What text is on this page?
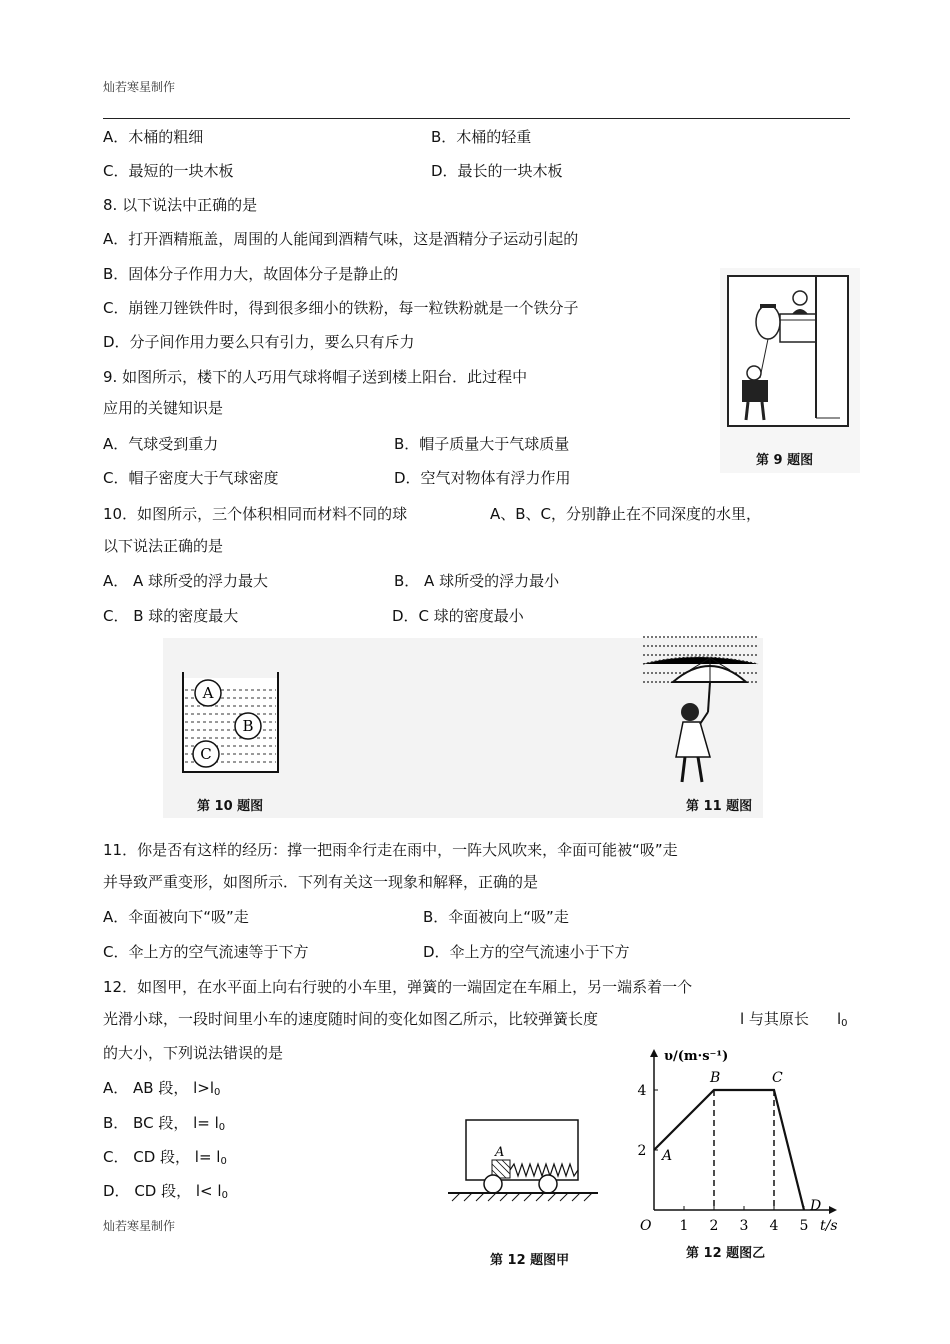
灿若寒星制作
A．木桶的粗细	B．木桶的轻重
C．最短的一块木板	D．最长的一块木板
8. 以下说法中正确的是
A．打开酒精瓶盖，周围的人能闻到酒精气味，这是酒精分子运动引起的
B．固体分子作用力大，故固体分子是静止的
C．崩锉刀锉铁件时，得到很多细小的铁粉，每一粒铁粉就是一个铁分子
D．分子间作用力要么只有引力，要么只有斥力
9. 如图所示，楼下的人巧用气球将帽子送到楼上阳台．此过程中
应用的关键知识是
A．气球受到重力	B．帽子质量大于气球质量
C．帽子密度大于气球密度	D．空气对物体有浮力作用
第 9 题图
10．如图所示，三个体积相同而材料不同的球	A、B、C，分别静止在不同深度的水里，
以下说法正确的是
A． A 球所受的浮力最大	B． A 球所受的浮力最小
C． B 球的密度最大	D．C 球的密度最小
A
B
C
第 10 题图	第 11 题图
11．你是否有这样的经历：撑一把雨伞行走在雨中，一阵大风吹来，伞面可能被“吸”走
并导致严重变形，如图所示．下列有关这一现象和解释，正确的是
A．伞面被向下“吸”走	B．伞面被向上“吸”走
C．伞上方的空气流速等于下方	D．伞上方的空气流速小于下方
12．如图甲，在水平面上向右行驶的小车里，弹簧的一端固定在车厢上，另一端系着一个
光滑小球，一段时间里小车的速度随时间的变化如图乙所示，比较弹簧长度	l 与其原长 $l_0$
的大小，下列说法错误的是
A． AB 段， $l>l_0$
B． BC 段， $l= l_0$
C． CD 段， $l= l_0$
D． CD 段， $l< l_0$
A
第 12 题图甲
υ/(m·s⁻¹)
t/s
O 1 2 3 4 5
2
4
A
B	C
D
第 12 题图乙
灿若寒星制作
